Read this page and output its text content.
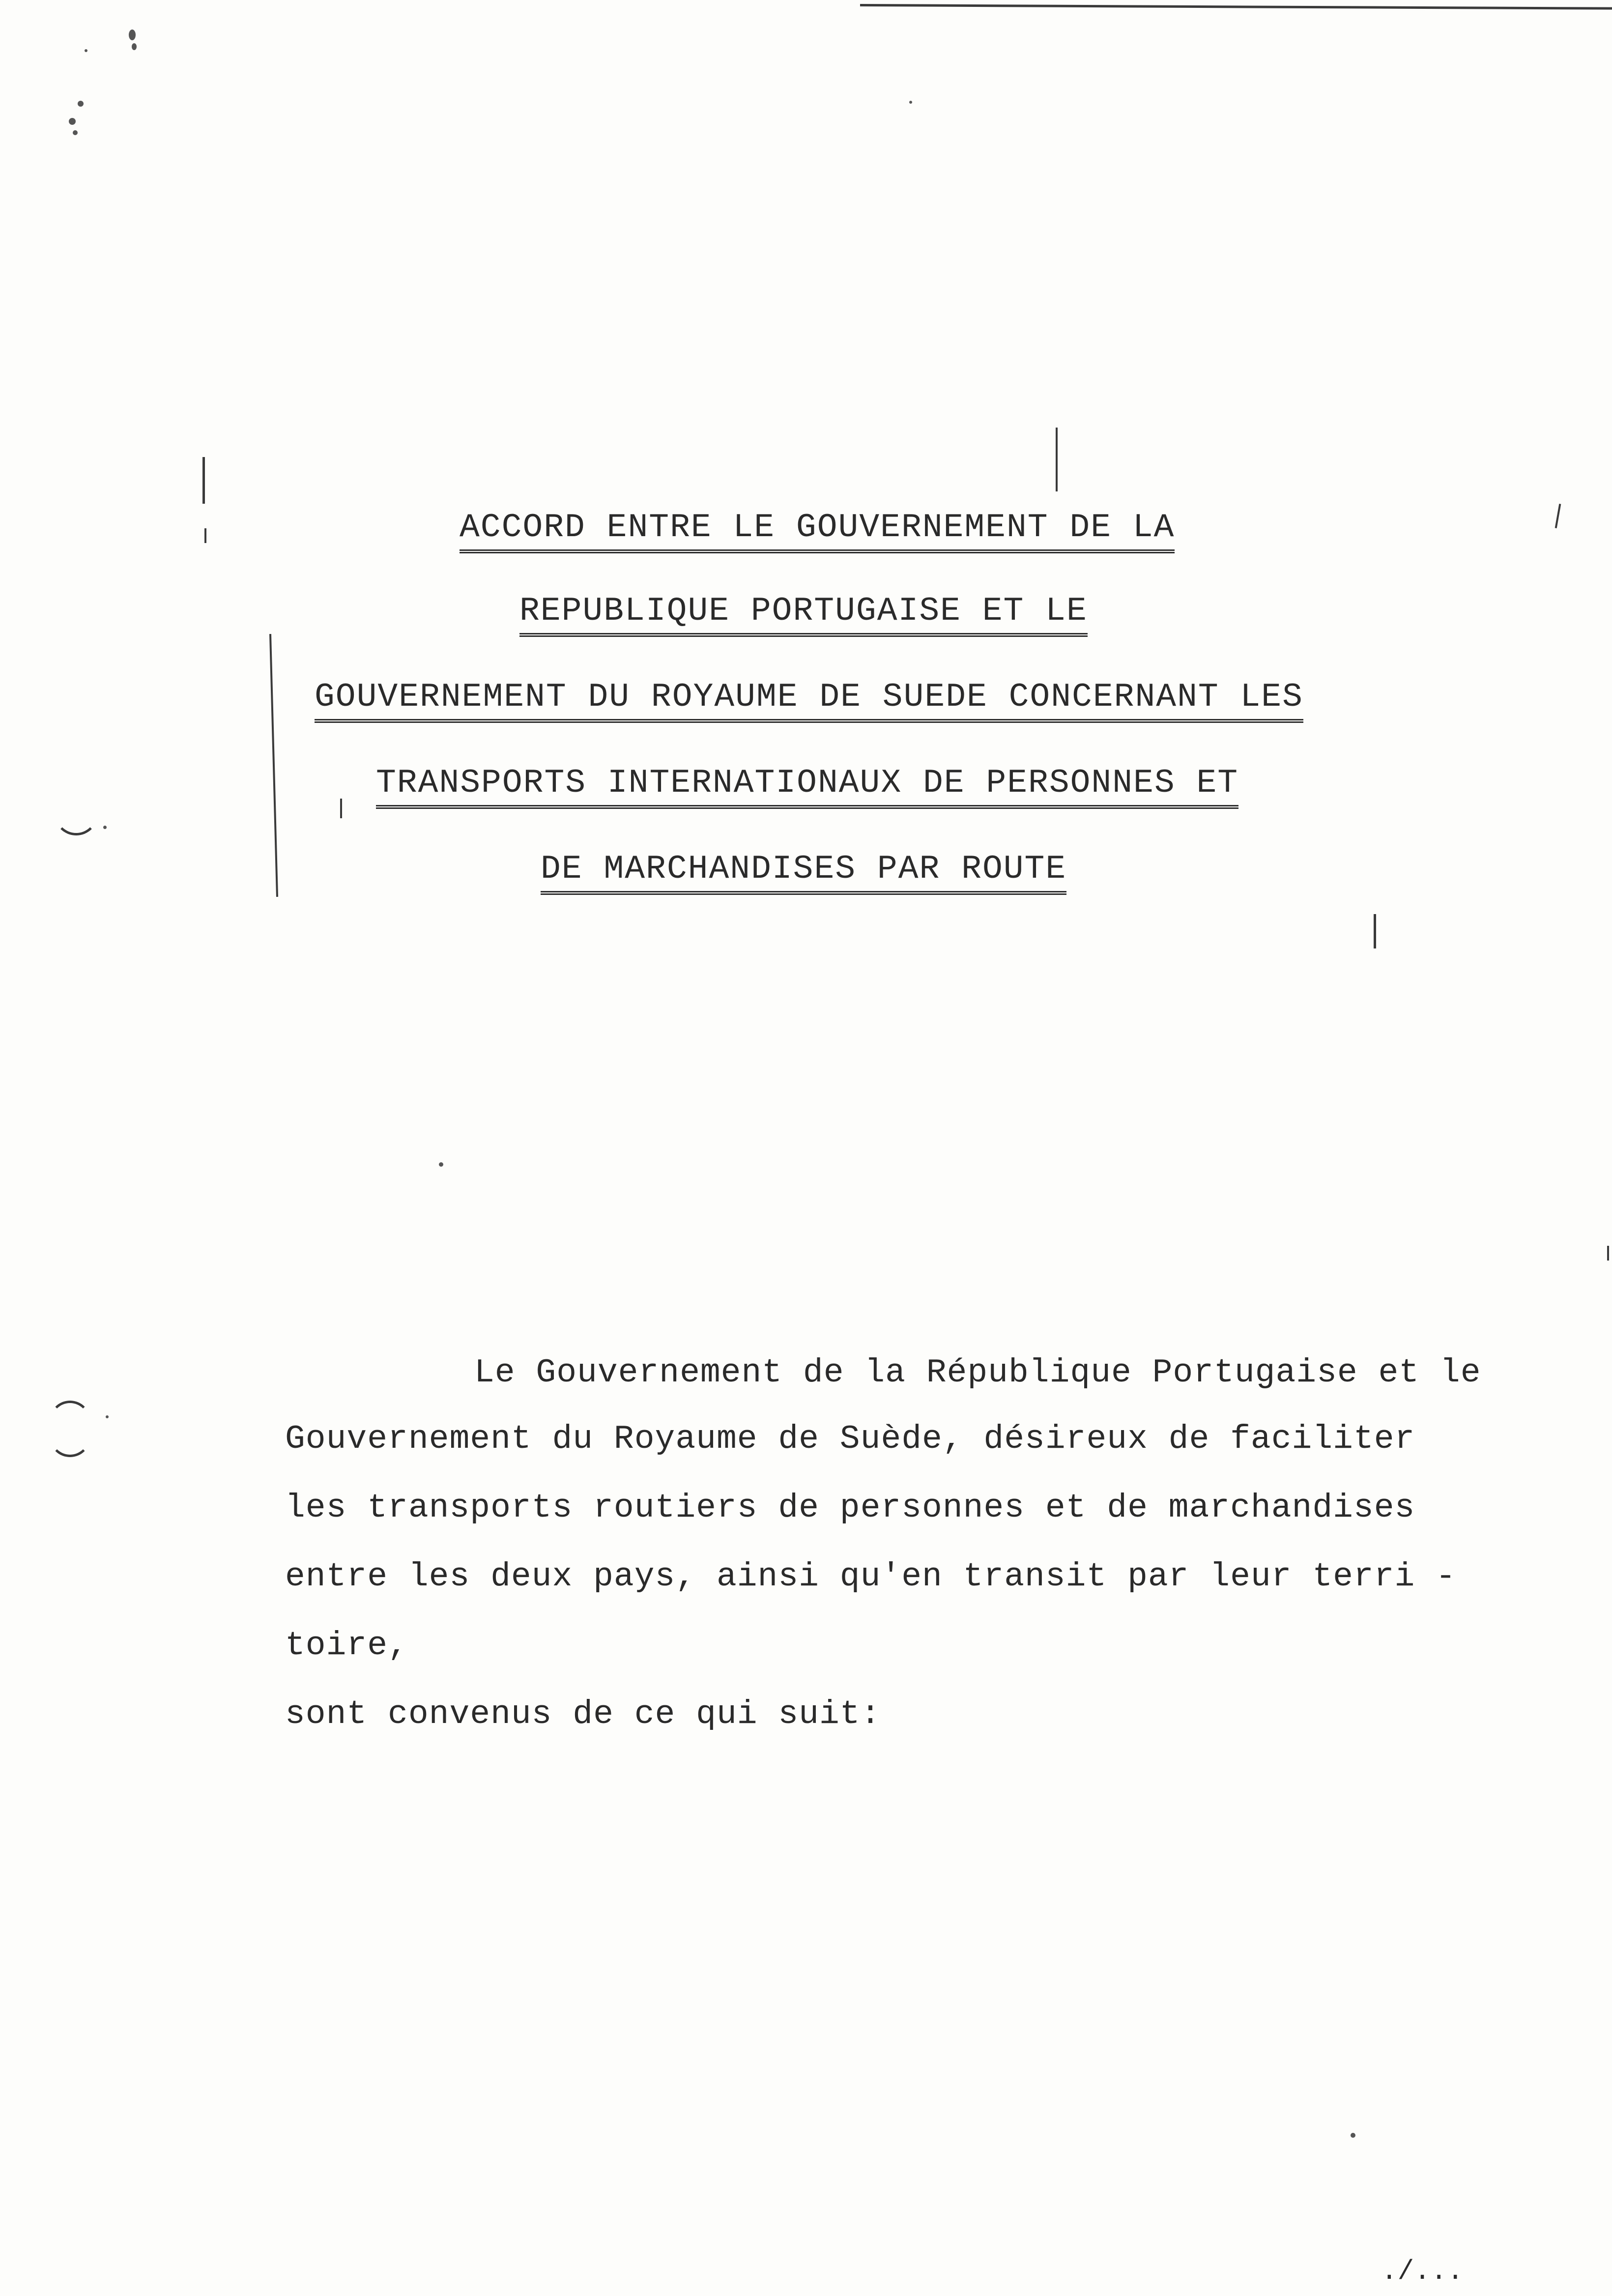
ACCORD ENTRE LE GOUVERNEMENT DE LA
REPUBLIQUE PORTUGAISE ET LE
GOUVERNEMENT DU ROYAUME DE SUEDE CONCERNANT LES
TRANSPORTS INTERNATIONAUX DE PERSONNES ET
DE MARCHANDISES PAR ROUTE
Le Gouvernement de la République Portugaise et le
Gouvernement du Royaume de Suède, désireux de faciliter
les transports routiers de personnes et de marchandises
entre les deux pays, ainsi qu'en transit par leur terri -
toire,
sont convenus de ce qui suit:
./...
